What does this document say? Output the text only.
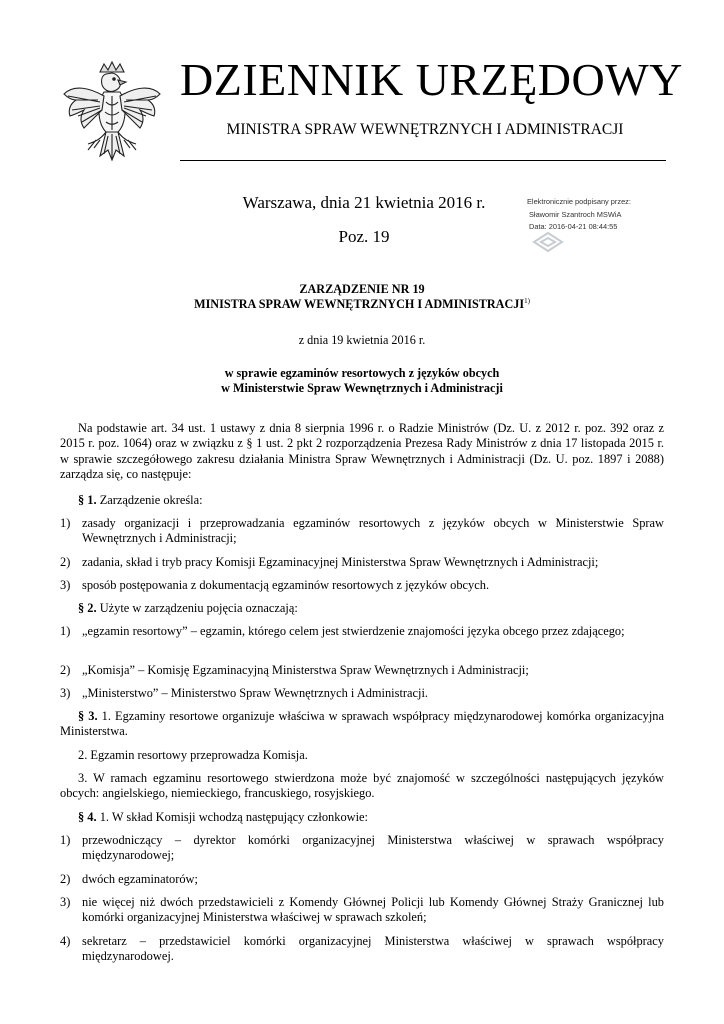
DZIENNIK URZĘDOWY
MINISTRA SPRAW WEWNĘTRZNYCH I ADMINISTRACJI
Warszawa, dnia 21 kwietnia 2016 r.
Poz. 19
Elektronicznie podpisany przez:
Sławomir Szantroch MSWiA
Data: 2016-04-21 08:44:55
ZARZĄDZENIE NR 19
MINISTRA SPRAW WEWNĘTRZNYCH I ADMINISTRACJI$^{1)}$
z dnia 19 kwietnia 2016 r.
w sprawie egzaminów resortowych z języków obcych
w Ministerstwie Spraw Wewnętrznych i Administracji
Na podstawie art. 34 ust. 1 ustawy z dnia 8 sierpnia 1996 r. o Radzie Ministrów (Dz. U. z 2012 r. poz. 392 oraz z 2015 r. poz. 1064) oraz w związku z § 1 ust. 2 pkt 2 rozporządzenia Prezesa Rady Ministrów z dnia 17 listopada 2015 r. w sprawie szczegółowego zakresu działania Ministra Spraw Wewnętrznych i Administracji (Dz. U. poz. 1897 i 2088) zarządza się, co następuje:
§ 1. Zarządzenie określa:
1) zasady organizacji i przeprowadzania egzaminów resortowych z języków obcych w Ministerstwie Spraw Wewnętrznych i Administracji;
2) zadania, skład i tryb pracy Komisji Egzaminacyjnej Ministerstwa Spraw Wewnętrznych i Administracji;
3) sposób postępowania z dokumentacją egzaminów resortowych z języków obcych.
§ 2. Użyte w zarządzeniu pojęcia oznaczają:
1) „egzamin resortowy” – egzamin, którego celem jest stwierdzenie znajomości języka obcego przez zdającego;
2) „Komisja” – Komisję Egzaminacyjną Ministerstwa Spraw Wewnętrznych i Administracji;
3) „Ministerstwo” – Ministerstwo Spraw Wewnętrznych i Administracji.
§ 3. 1. Egzaminy resortowe organizuje właściwa w sprawach współpracy międzynarodowej komórka organizacyjna Ministerstwa.
2. Egzamin resortowy przeprowadza Komisja.
3. W ramach egzaminu resortowego stwierdzona może być znajomość w szczególności następujących języków obcych: angielskiego, niemieckiego, francuskiego, rosyjskiego.
§ 4. 1. W skład Komisji wchodzą następujący członkowie:
1) przewodniczący – dyrektor komórki organizacyjnej Ministerstwa właściwej w sprawach współpracy międzynarodowej;
2) dwóch egzaminatorów;
3) nie więcej niż dwóch przedstawicieli z Komendy Głównej Policji lub Komendy Głównej Straży Granicznej lub komórki organizacyjnej Ministerstwa właściwej w sprawach szkoleń;
4) sekretarz – przedstawiciel komórki organizacyjnej Ministerstwa właściwej w sprawach współpracy międzynarodowej.
